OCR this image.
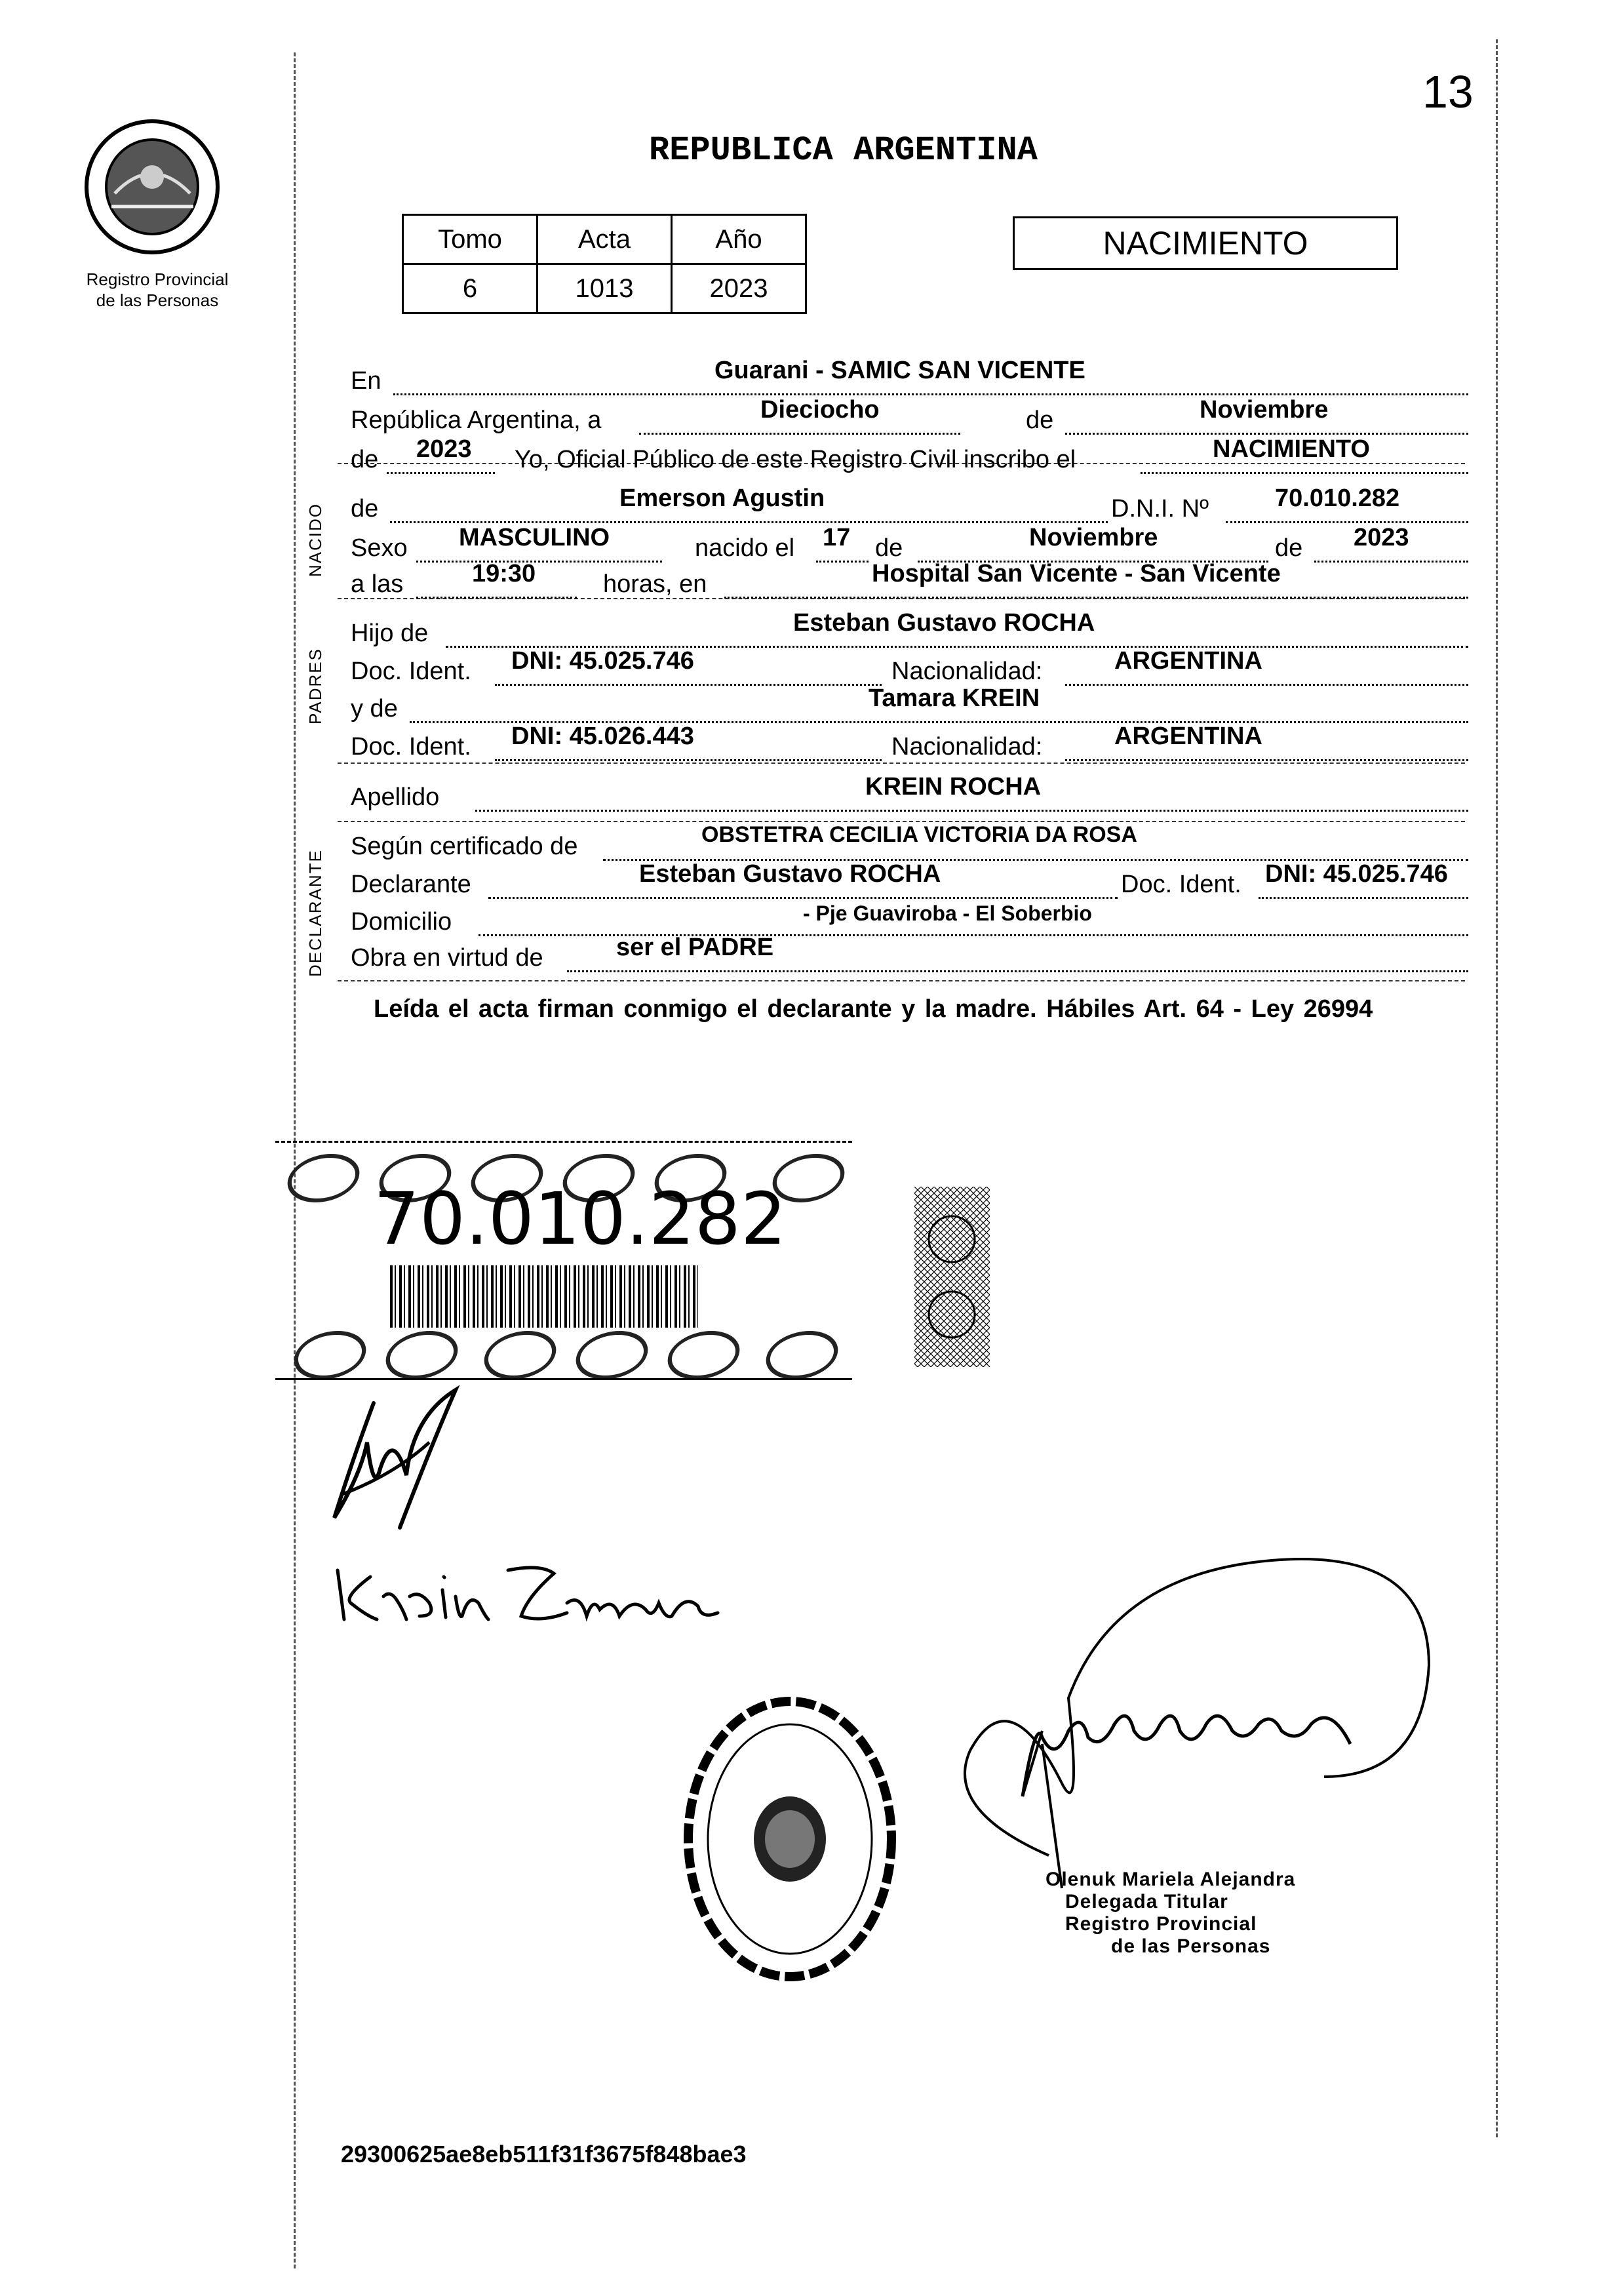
13
Registro Provincial
de las Personas
REPUBLICA ARGENTINA
Tomo	Acta	Año
6	1013	2023
NACIMIENTO
NACIDO
PADRES
DECLARANTE
En	Guarani - SAMIC SAN VICENTE
República Argentina, a	Dieciocho	de	Noviembre
de 2023 Yo, Oficial Público de este Registro Civil inscribo el	NACIMIENTO
de	Emerson Agustin	D.N.I. Nº	70.010.282
Sexo MASCULINO	nacido el 17 de	Noviembre	de 2023
a las	19:30	horas, en	Hospital San Vicente - San Vicente
Hijo de	Esteban Gustavo ROCHA
Doc. Ident. DNI: 45.025.746	Nacionalidad:	ARGENTINA
y de	Tamara KREIN
Doc. Ident. DNI: 45.026.443	Nacionalidad:	ARGENTINA
Apellido	KREIN ROCHA
Según certificado de	OBSTETRA CECILIA VICTORIA DA ROSA
Declarante	Esteban Gustavo ROCHA	Doc. Ident. DNI: 45.025.746
Domicilio	- Pje Guaviroba - El Soberbio
Obra en virtud de	ser el PADRE
Leída el acta firman conmigo el declarante y la madre. Hábiles Art. 64 - Ley 26994
70.010.282
Olenuk Mariela Alejandra
Delegada Titular
Registro Provincial
de las Personas
29300625ae8eb511f31f3675f848bae3
